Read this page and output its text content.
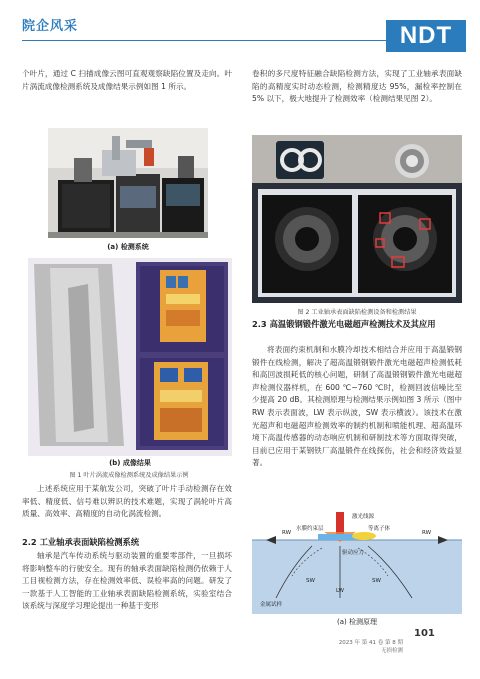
院企风采	NDT
个叶片，通过 C 扫描成像云图可直观观察缺陷位置及走向。叶片涡流成像检测系统及成像结果示例如图 1 所示。
(a) 检测系统
(b) 成像结果
图 1 叶片涡流成像检测系统及成像结果示例
上述系统应用于某航发公司，突破了叶片手动检测存在效率低、精度低、信号难以辨识的技术难题，实现了涡轮叶片高质量、高效率、高精度的自动化涡流检测。
2.2 工业轴承表面缺陷检测系统
轴承是汽车传动系统与驱动装置的重要零部件，一旦损坏将影响整车的行驶安全。现有的轴承表面缺陷检测仍依赖于人工目视检测方法，存在检测效率低、误检率高的问题。研发了一款基于人工智能的工业轴承表面缺陷检测系统，实验室结合该系统与深度学习理论提出一种基于变形
卷积的多尺度特征融合缺陷检测方法，实现了工业轴承表面缺陷的高精度实时动态检测，检测精度达 95%，漏检率控制在 5% 以下，极大地提升了检测效率（检测结果见图 2）。
图 2 工业轴承表面缺陷检测设备和检测结果
2.3 高温锻钢锻件激光电磁超声检测技术及其应用
将表面约束机制和水膜冷却技术相结合并应用于高温锻钢锻件在线检测，解决了超高温锻钢锻件激光电磁超声检测低耗和高回波损耗低的核心问题，研制了高温锻钢锻件激光电磁超声检测仪器样机，在 600 ℃~760 ℃时，检测回波信噪比至少提高 20 dB。其检测原理与检测结果示例如图 3 所示（图中 RW 表示表面波，LW 表示纵波，SW 表示横波）。该技术在激光超声和电磁超声检测效率的制约机制和喷能机理、超高温环境下高温传感器的动态响应机制和研制技术等方面取得突破，目前已应用于某钢铁厂高温锻件在线探伤，社会和经济效益显著。
激光线源
水膜约束层	等离子体
驱动应力
RW	RW
SW	SW
LW
金属试样
(a) 检测原理
2023 年 第 41 卷 第 8 期
无损检测
101
